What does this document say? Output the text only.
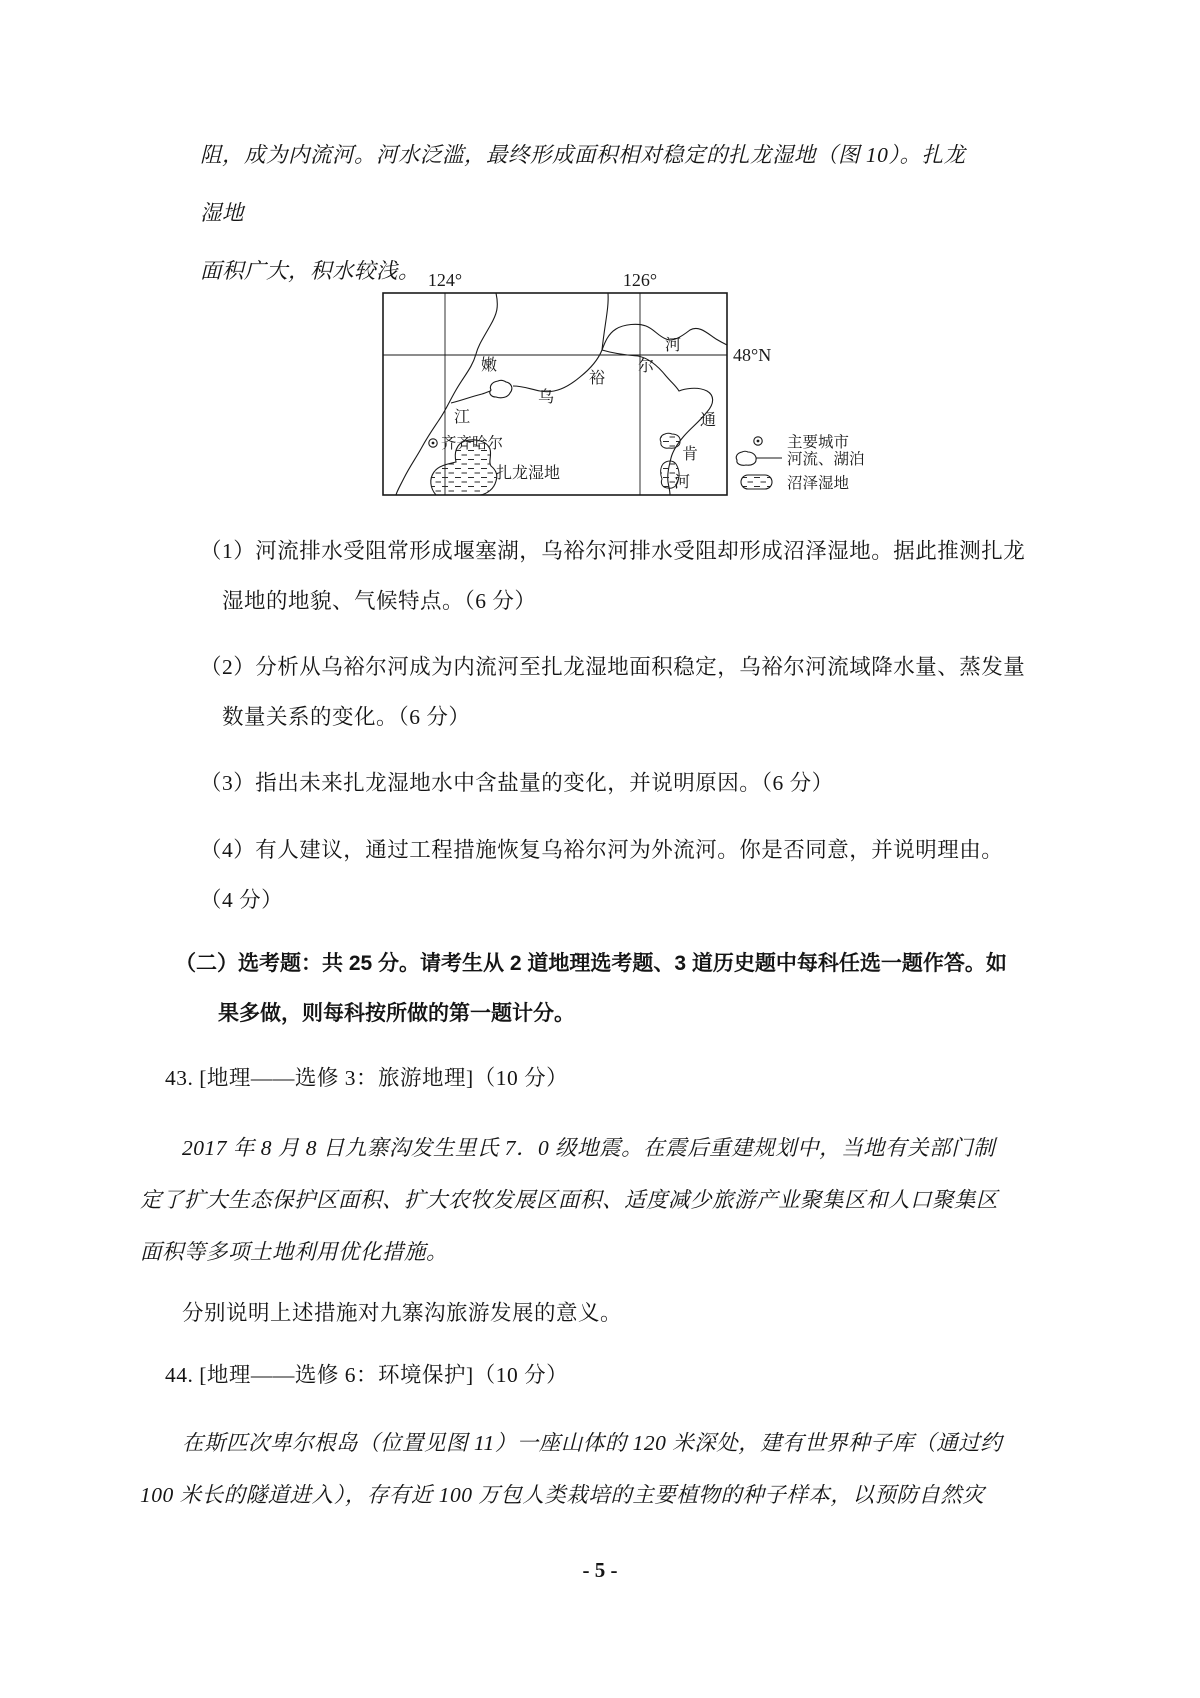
阻，成为内流河。河水泛滥，最终形成面积相对稳定的扎龙湿地（图 10）。扎龙湿地
面积广大，积水较浅。 124°	126°
48°N
齐齐哈尔
扎龙湿地
嫩
江
乌
裕
尔
河
通
肯
河
主要城市
河流、湖泊
沼泽湿地
（1）河流排水受阻常形成堰塞湖，乌裕尔河排水受阻却形成沼泽湿地。据此推测扎龙
湿地的地貌、气候特点。（6 分）
（2）分析从乌裕尔河成为内流河至扎龙湿地面积稳定，乌裕尔河流域降水量、蒸发量
数量关系的变化。（6 分）
（3）指出未来扎龙湿地水中含盐量的变化，并说明原因。（6 分）
（4）有人建议，通过工程措施恢复乌裕尔河为外流河。你是否同意，并说明理由。
（4 分）
（二）选考题：共 25 分。请考生从 2 道地理选考题、3 道历史题中每科任选一题作答。如
果多做，则每科按所做的第一题计分。
43. [地理——选修 3：旅游地理]（10 分）
2017 年 8 月 8 日九寨沟发生里氏 7．0 级地震。在震后重建规划中，当地有关部门制
定了扩大生态保护区面积、扩大农牧发展区面积、适度减少旅游产业聚集区和人口聚集区
面积等多项土地利用优化措施。
分别说明上述措施对九寨沟旅游发展的意义。
44. [地理——选修 6：环境保护]（10 分）
在斯匹次卑尔根岛（位置见图 11）一座山体的 120 米深处，建有世界种子库（通过约
100 米长的隧道进入），存有近 100 万包人类栽培的主要植物的种子样本，以预防自然灾
- 5 -
